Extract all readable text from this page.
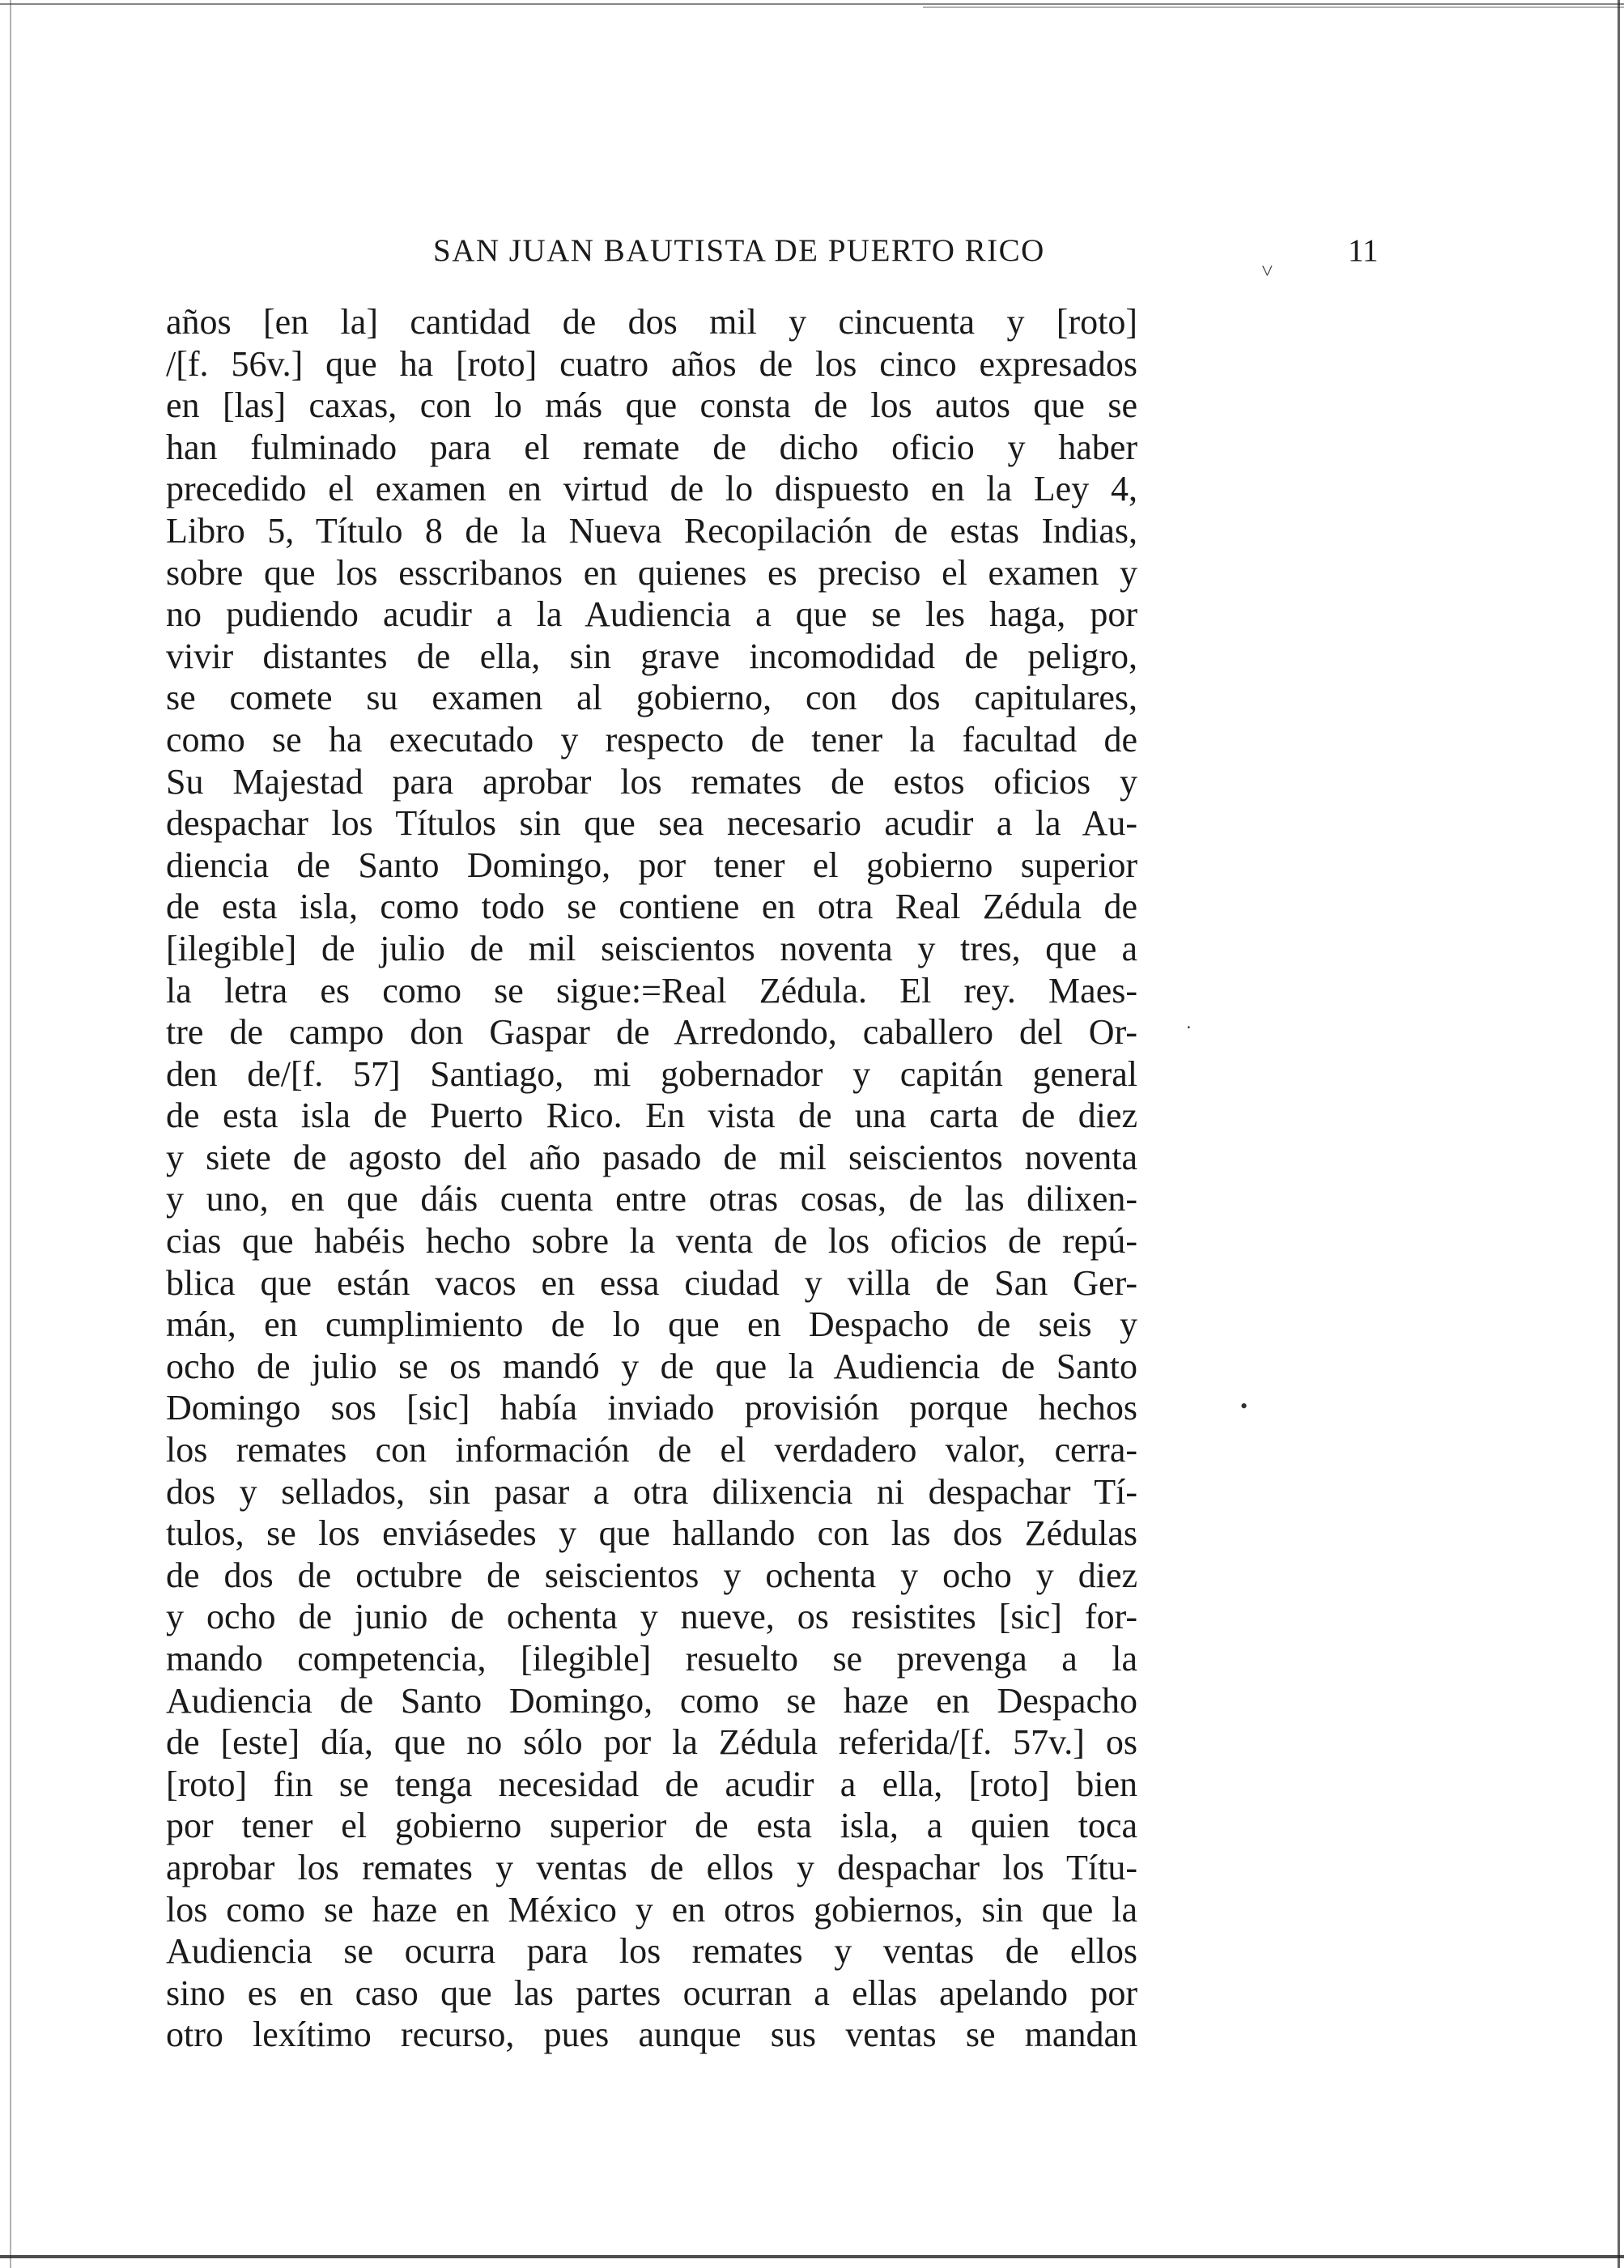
SAN JUAN BAUTISTA DE PUERTO RICO	11
˅
˙
•
años [en la] cantidad de dos mil y cincuenta y [roto]
/[f. 56v.] que ha [roto] cuatro años de los cinco expresados
en [las] caxas, con lo más que consta de los autos que se
han fulminado para el remate de dicho oficio y haber
precedido el examen en virtud de lo dispuesto en la Ley 4,
Libro 5, Título 8 de la Nueva Recopilación de estas Indias,
sobre que los esscribanos en quienes es preciso el examen y
no pudiendo acudir a la Audiencia a que se les haga, por
vivir distantes de ella, sin grave incomodidad de peligro,
se comete su examen al gobierno, con dos capitulares,
como se ha executado y respecto de tener la facultad de
Su Majestad para aprobar los remates de estos oficios y
despachar los Títulos sin que sea necesario acudir a la Au-
diencia de Santo Domingo, por tener el gobierno superior
de esta isla, como todo se contiene en otra Real Zédula de
[ilegible] de julio de mil seiscientos noventa y tres, que a
la letra es como se sigue:=Real Zédula. El rey. Maes-
tre de campo don Gaspar de Arredondo, caballero del Or-
den de/[f. 57] Santiago, mi gobernador y capitán general
de esta isla de Puerto Rico. En vista de una carta de diez
y siete de agosto del año pasado de mil seiscientos noventa
y uno, en que dáis cuenta entre otras cosas, de las dilixen-
cias que habéis hecho sobre la venta de los oficios de repú-
blica que están vacos en essa ciudad y villa de San Ger-
mán, en cumplimiento de lo que en Despacho de seis y
ocho de julio se os mandó y de que la Audiencia de Santo
Domingo sos [sic] había inviado provisión porque hechos
los remates con información de el verdadero valor, cerra-
dos y sellados, sin pasar a otra dilixencia ni despachar Tí-
tulos, se los enviásedes y que hallando con las dos Zédulas
de dos de octubre de seiscientos y ochenta y ocho y diez
y ocho de junio de ochenta y nueve, os resistites [sic] for-
mando competencia, [ilegible] resuelto se prevenga a la
Audiencia de Santo Domingo, como se haze en Despacho
de [este] día, que no sólo por la Zédula referida/[f. 57v.] os
[roto] fin se tenga necesidad de acudir a ella, [roto] bien
por tener el gobierno superior de esta isla, a quien toca
aprobar los remates y ventas de ellos y despachar los Títu-
los como se haze en México y en otros gobiernos, sin que la
Audiencia se ocurra para los remates y ventas de ellos
sino es en caso que las partes ocurran a ellas apelando por
otro lexítimo recurso, pues aunque sus ventas se mandan
